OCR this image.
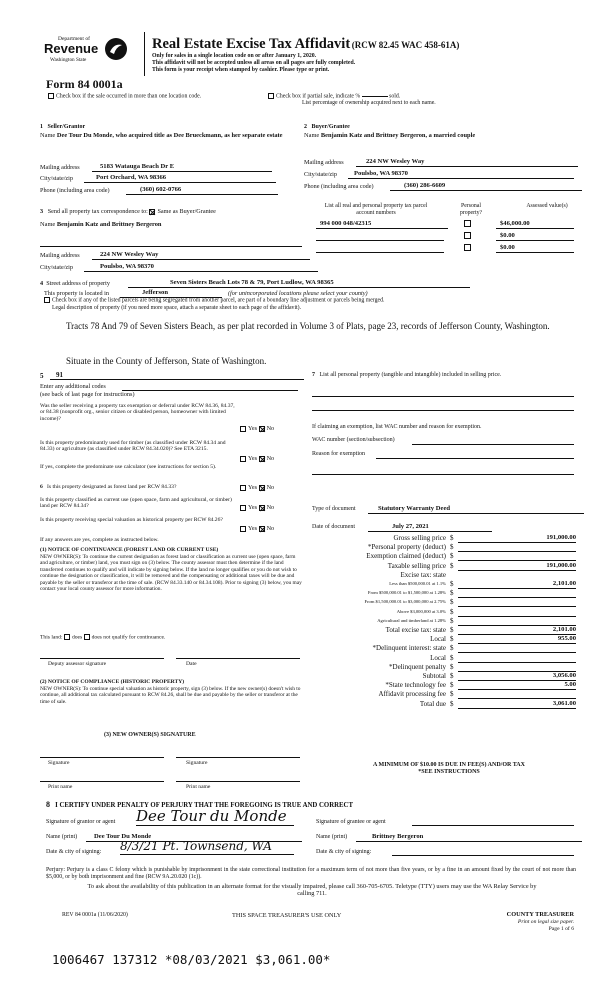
Department of
Revenue
Washington State
Real Estate Excise Tax Affidavit (RCW 82.45 WAC 458-61A)
Only for sales in a single location code on or after January 1, 2020.
This affidavit will not be accepted unless all areas on all pages are fully completed.
This form is your receipt when stamped by cashier. Please type or print.
Form 84 0001a
Check box if the sale occurred in more than one location code.	Check box if partial sale, indicate %	sold.
List percentage of ownership acquired next to each name.
1   Seller/Grantor
Name Dee Tour Du Monde, who acquired title as Dee Brueckmann, as her separate estate
Mailing address	5183 Watauga Beach Dr E
City/state/zip	Port Orchard, WA 98366
Phone (including area code)	(360) 602-0766
2   Buyer/Grantee
Name Benjamin Katz and Brittney Bergeron, a married couple
Mailing address	224 NW Wesley Way
City/state/zip	Poulsbo, WA 98370
Phone (including area code)	(360) 286-6609
3 Send all property tax correspondence to: Same as Buyer/Grantee
Name Benjamin Katz and Brittney Bergeron
Mailing address	224 NW Wesley Way
City/state/zip	Poulsbo, WA 98370
List all real and personal property tax parcel account numbers
Personal property?
Assessed value(s)
994 000 048/42315	$46,000.00
$0.00
$0.00
4 Street address of property	Seven Sisters Beach Lots 78 & 79, Port Ludlow, WA 98365
This property is located in	Jefferson	(for unincorporated locations please select your county)
Check box if any of the listed parcels are being segregated from another parcel, are part of a boundary line adjustment or parcels being merged.
Legal description of property (if you need more space, attach a separate sheet to each page of the affidavit).
Tracts 78 And 79 of Seven Sisters Beach, as per plat recorded in Volume 3 of Plats, page 23, records of Jefferson County, Washington.
Situate in the County of Jefferson, State of Washington.
5	91
Enter any additional codes
(see back of last page for instructions)
Was the seller receiving a property tax exemption or deferral under RCW 84.36, 84.37, or 84.38 (nonprofit org., senior citizen or disabled person, homeowner with limited income)?
Yes No
Is this property predominantly used for timber (as classified under RCW 84.34 and 84.33) or agriculture (as classified under RCW 84.34.020)? See ETA 3215.
Yes No
If yes, complete the predominate use calculator (see instructions for section 5).
6 Is this property designated as forest land per RCW 84.33?	Yes No
Is this property classified as current use (open space, farm and agricultural, or timber) land per RCW 84.34?	Yes No
Is this property receiving special valuation as historical property per RCW 84.26?
Yes No
If any answers are yes, complete as instructed below.
(1) NOTICE OF CONTINUANCE (FOREST LAND OR CURRENT USE)
NEW OWNER(S): To continue the current designation as forest land or classification as current use (open space, farm and agriculture, or timber) land, you must sign on (3) below. The county assessor must then determine if the land transferred continues to qualify and will indicate by signing below. If the land no longer qualifies or you do not wish to continue the designation or classification, it will be removed and the compensating or additional taxes will be due and payable by the seller or transferor at the time of sale. (RCW 84.33.140 or 84.34.108). Prior to signing (3) below, you may contact your local county assessor for more information.
This land: does does not qualify for continuance.
Deputy assessor signature	Date
(2) NOTICE OF COMPLIANCE (HISTORIC PROPERTY)
NEW OWNER(S): To continue special valuation as historic property, sign (3) below. If the new owner(s) doesn't wish to continue, all additional tax calculated pursuant to RCW 84.26, shall be due and payable by the seller or transferor at the time of sale.
(3) NEW OWNER(S) SIGNATURE
Signature	Signature
Print name	Print name
7 List all personal property (tangible and intangible) included in selling price.
If claiming an exemption, list WAC number and reason for exemption.
WAC number (section/subsection)
Reason for exemption
Type of document	Statutory Warranty Deed
Date of document	July 27, 2021
Gross selling price $	191,000.00
*Personal property (deduct) $
Exemption claimed (deduct) $
Taxable selling price $	191,000.00
Excise tax: state
Less than $500,000.01 at 1.1% $	2,101.00
From $500,000.01 to $1,500,000 at 1.28% $
From $1,500,000.01 to $3,000,000 at 2.75% $
Above $3,000,000 at 3.0% $
Agricultural and timberland at 1.28% $
Total excise tax: state $	2,101.00
Local $	955.00
*Delinquent interest: state $
Local $
*Delinquent penalty $
Subtotal $	3,056.00
*State technology fee $	5.00
Affidavit processing fee $
Total due $	3,061.00
A MINIMUM OF $10.00 IS DUE IN FEE(S) AND/OR TAX
*SEE INSTRUCTIONS
8 I CERTIFY UNDER PENALTY OF PERJURY THAT THE FOREGOING IS TRUE AND CORRECT
Signature of grantor or agent Dee Tour du Monde	Signature of grantee or agent
Name (print)	Dee Tour Du Monde	Name (print)	Brittney Bergeron
Date & city of signing: 8/3/21 Pt. Townsend, WA	Date & city of signing:
Perjury: Perjury is a class C felony which is punishable by imprisonment in the state correctional institution for a maximum term of not more than five years, or by a fine in an amount fixed by the court of not more than $5,000, or by both imprisonment and fine (RCW 9A.20.020 (1c)).
To ask about the availability of this publication in an alternate format for the visually impaired, please call 360-705-6705. Teletype (TTY) users may use the WA Relay Service by calling 711.
REV 84 0001a (11/06/2020)	THIS SPACE TREASURER'S USE ONLY	COUNTY TREASURER
Print on legal size paper.
Page 1 of 6
1006467 137312 *08/03/2021 $3,061.00*
